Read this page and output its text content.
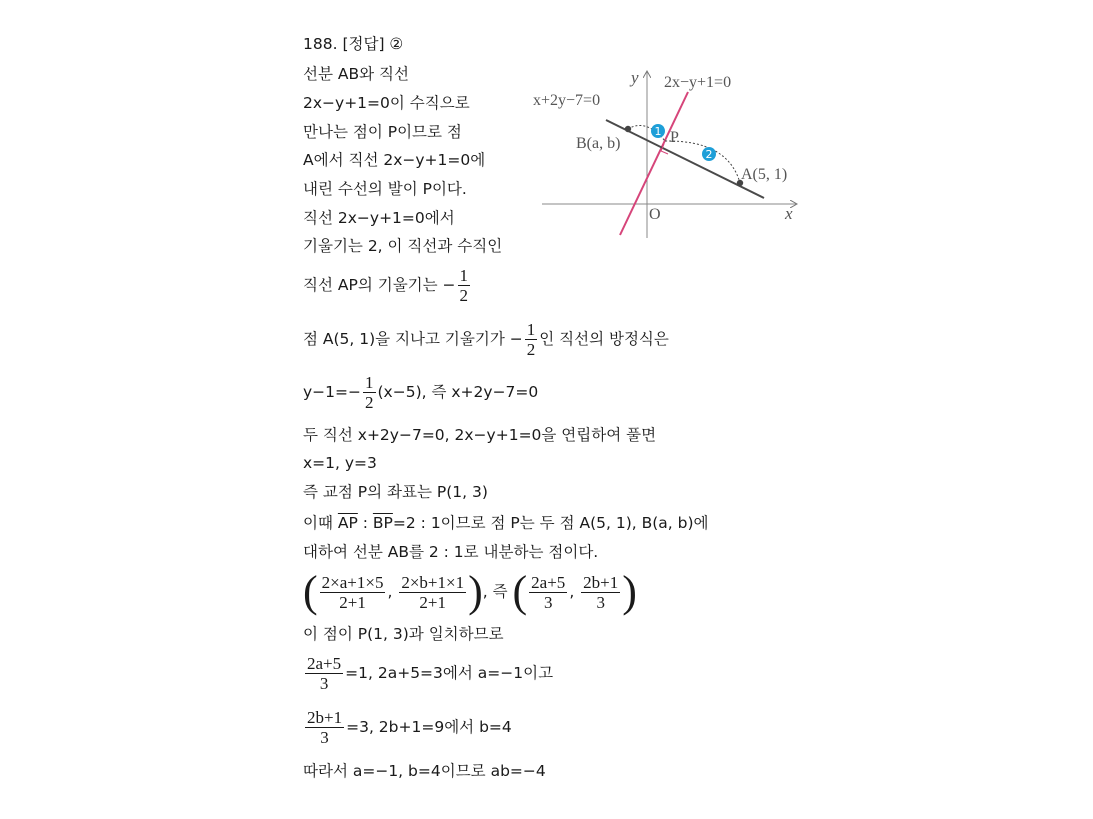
188. [정답] ②
선분 AB와 직선
2x−y+1=0이 수직으로
만나는 점이 P이므로 점
A에서 직선 2x−y+1=0에
내린 수선의 발이 P이다.
직선 2x−y+1=0에서
기울기는 2, 이 직선과 수직인
직선 AP의 기울기는 − $\frac{1}{2}$
점 A(5, 1)을 지나고 기울기가 − $\frac{1}{2}$ 인 직선의 방정식은
$y-1=- \frac{1}{2} (x-5)$, 즉 x+2y−7=0
두 직선 x+2y−7=0, 2x−y+1=0을 연립하여 풀면
x=1, y=3
즉 교점 P의 좌표는 P(1, 3)
이때 $\overline{AP}$ : $\overline{BP}=2$ : 1이므로 점 P는 두 점 A(5, 1), B(a, b)에
대하여 선분 AB를 2 : 1로 내분하는 점이다.
( $\frac{2\times a+1\times 5}{2+1}$ , $\frac{2\times b+1\times 1}{2+1}$ ), 즉 ( $\frac{2a+5}{3}$ , $\frac{2b+1}{3}$ )
이 점이 P(1, 3)과 일치하므로
$\frac{2a+5}{3} =1$, 2a+5=3에서 a=−1이고
$\frac{2b+1}{3} =3$, 2b+1=9에서 b=4
따라서 a=−1, b=4이므로 ab=−4
1
2
y
x
O
2x−y+1=0
x+2y−7=0
B(a, b)	P
A(5, 1)
